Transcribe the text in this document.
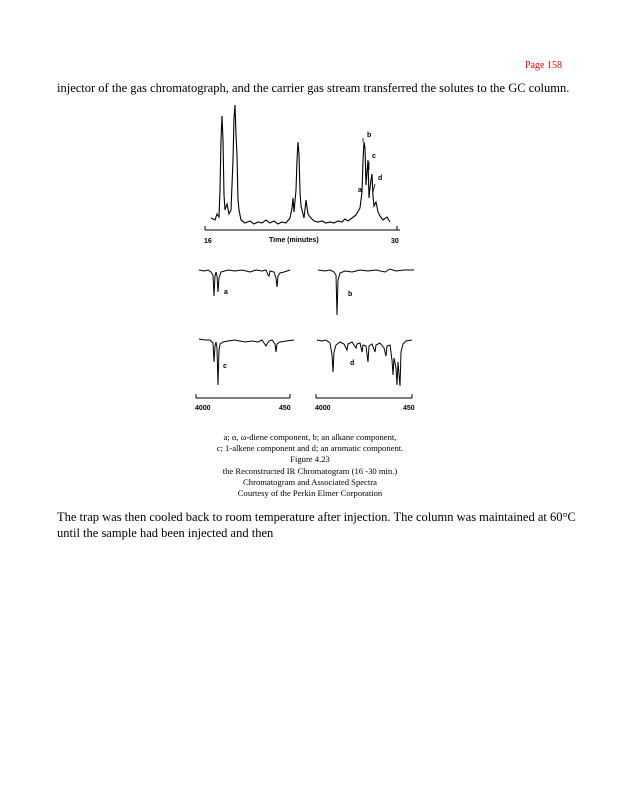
Page 158

injector of the gas chromatograph, and the carrier gas stream transferred the solutes to the GC column.

a
b
c
d
16	Time (minutes)	30
a	b
c	d
4000	450	4000	450
a; α, ω-diene component, b; an alkane component,
c; 1-alkene component and d; an aromatic component.
Figure 4.23
the Reconstructed IR Chromatogram (16 -30 min.)
Chromatogram and Associated Spectra
Courtesy of the Perkin Elmer Corporation

The trap was then cooled back to room temperature after injection. The column was maintained at 60°C until the sample had been injected and then
